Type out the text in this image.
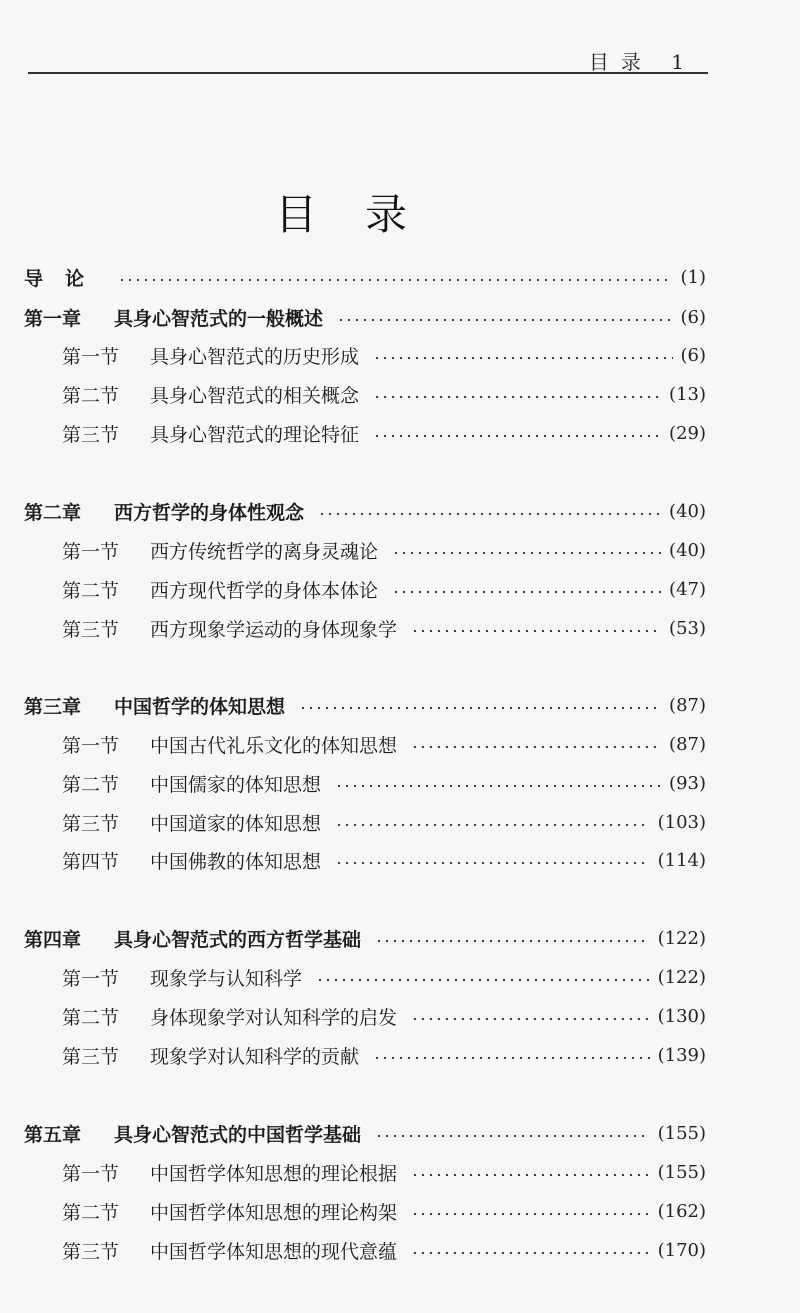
目录 1
目录
导论	(1)
第一章	具身心智范式的一般概述	(6)
第一节	具身心智范式的历史形成	(6)
第二节	具身心智范式的相关概念	(13)
第三节	具身心智范式的理论特征	(29)
第二章	西方哲学的身体性观念	(40)
第一节	西方传统哲学的离身灵魂论	(40)
第二节	西方现代哲学的身体本体论	(47)
第三节	西方现象学运动的身体现象学	(53)
第三章	中国哲学的体知思想	(87)
第一节	中国古代礼乐文化的体知思想	(87)
第二节	中国儒家的体知思想	(93)
第三节	中国道家的体知思想	(103)
第四节	中国佛教的体知思想	(114)
第四章	具身心智范式的西方哲学基础	(122)
第一节	现象学与认知科学	(122)
第二节	身体现象学对认知科学的启发	(130)
第三节	现象学对认知科学的贡献	(139)
第五章	具身心智范式的中国哲学基础	(155)
第一节	中国哲学体知思想的理论根据	(155)
第二节	中国哲学体知思想的理论构架	(162)
第三节	中国哲学体知思想的现代意蕴	(170)
